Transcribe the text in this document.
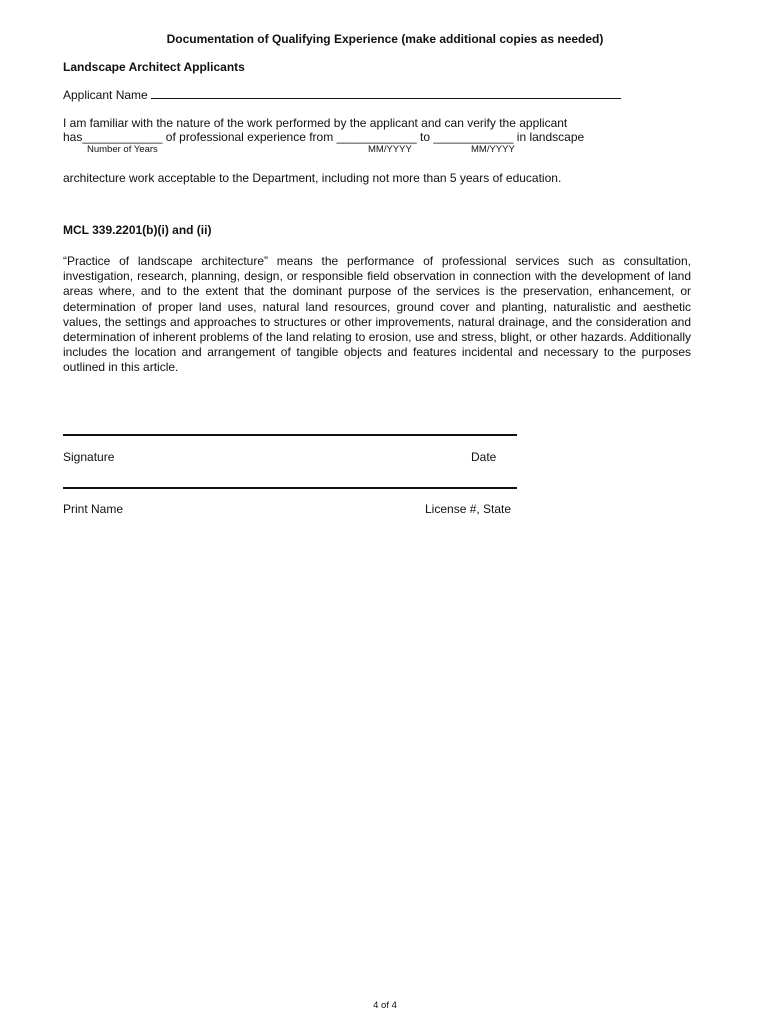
Documentation of Qualifying Experience (make additional copies as needed)
Landscape Architect Applicants
Applicant Name
I am familiar with the nature of the work performed by the applicant and can verify the applicant
has____________ of professional experience from ____________ to ____________ in landscape
Number of Years	MM/YYYY	MM/YYYY
architecture work acceptable to the Department, including not more than 5 years of education.
MCL 339.2201(b)(i) and (ii)
“Practice of landscape architecture” means the performance of professional services such as consultation, investigation, research, planning, design, or responsible field observation in connection with the development of land areas where, and to the extent that the dominant purpose of the services is the preservation, enhancement, or determination of proper land uses, natural land resources, ground cover and planting, naturalistic and aesthetic values, the settings and approaches to structures or other improvements, natural drainage, and the consideration and determination of inherent problems of the land relating to erosion, use and stress, blight, or other hazards. Additionally includes the location and arrangement of tangible objects and features incidental and necessary to the purposes outlined in this article.
Signature	Date
Print Name	License #, State
4 of 4
